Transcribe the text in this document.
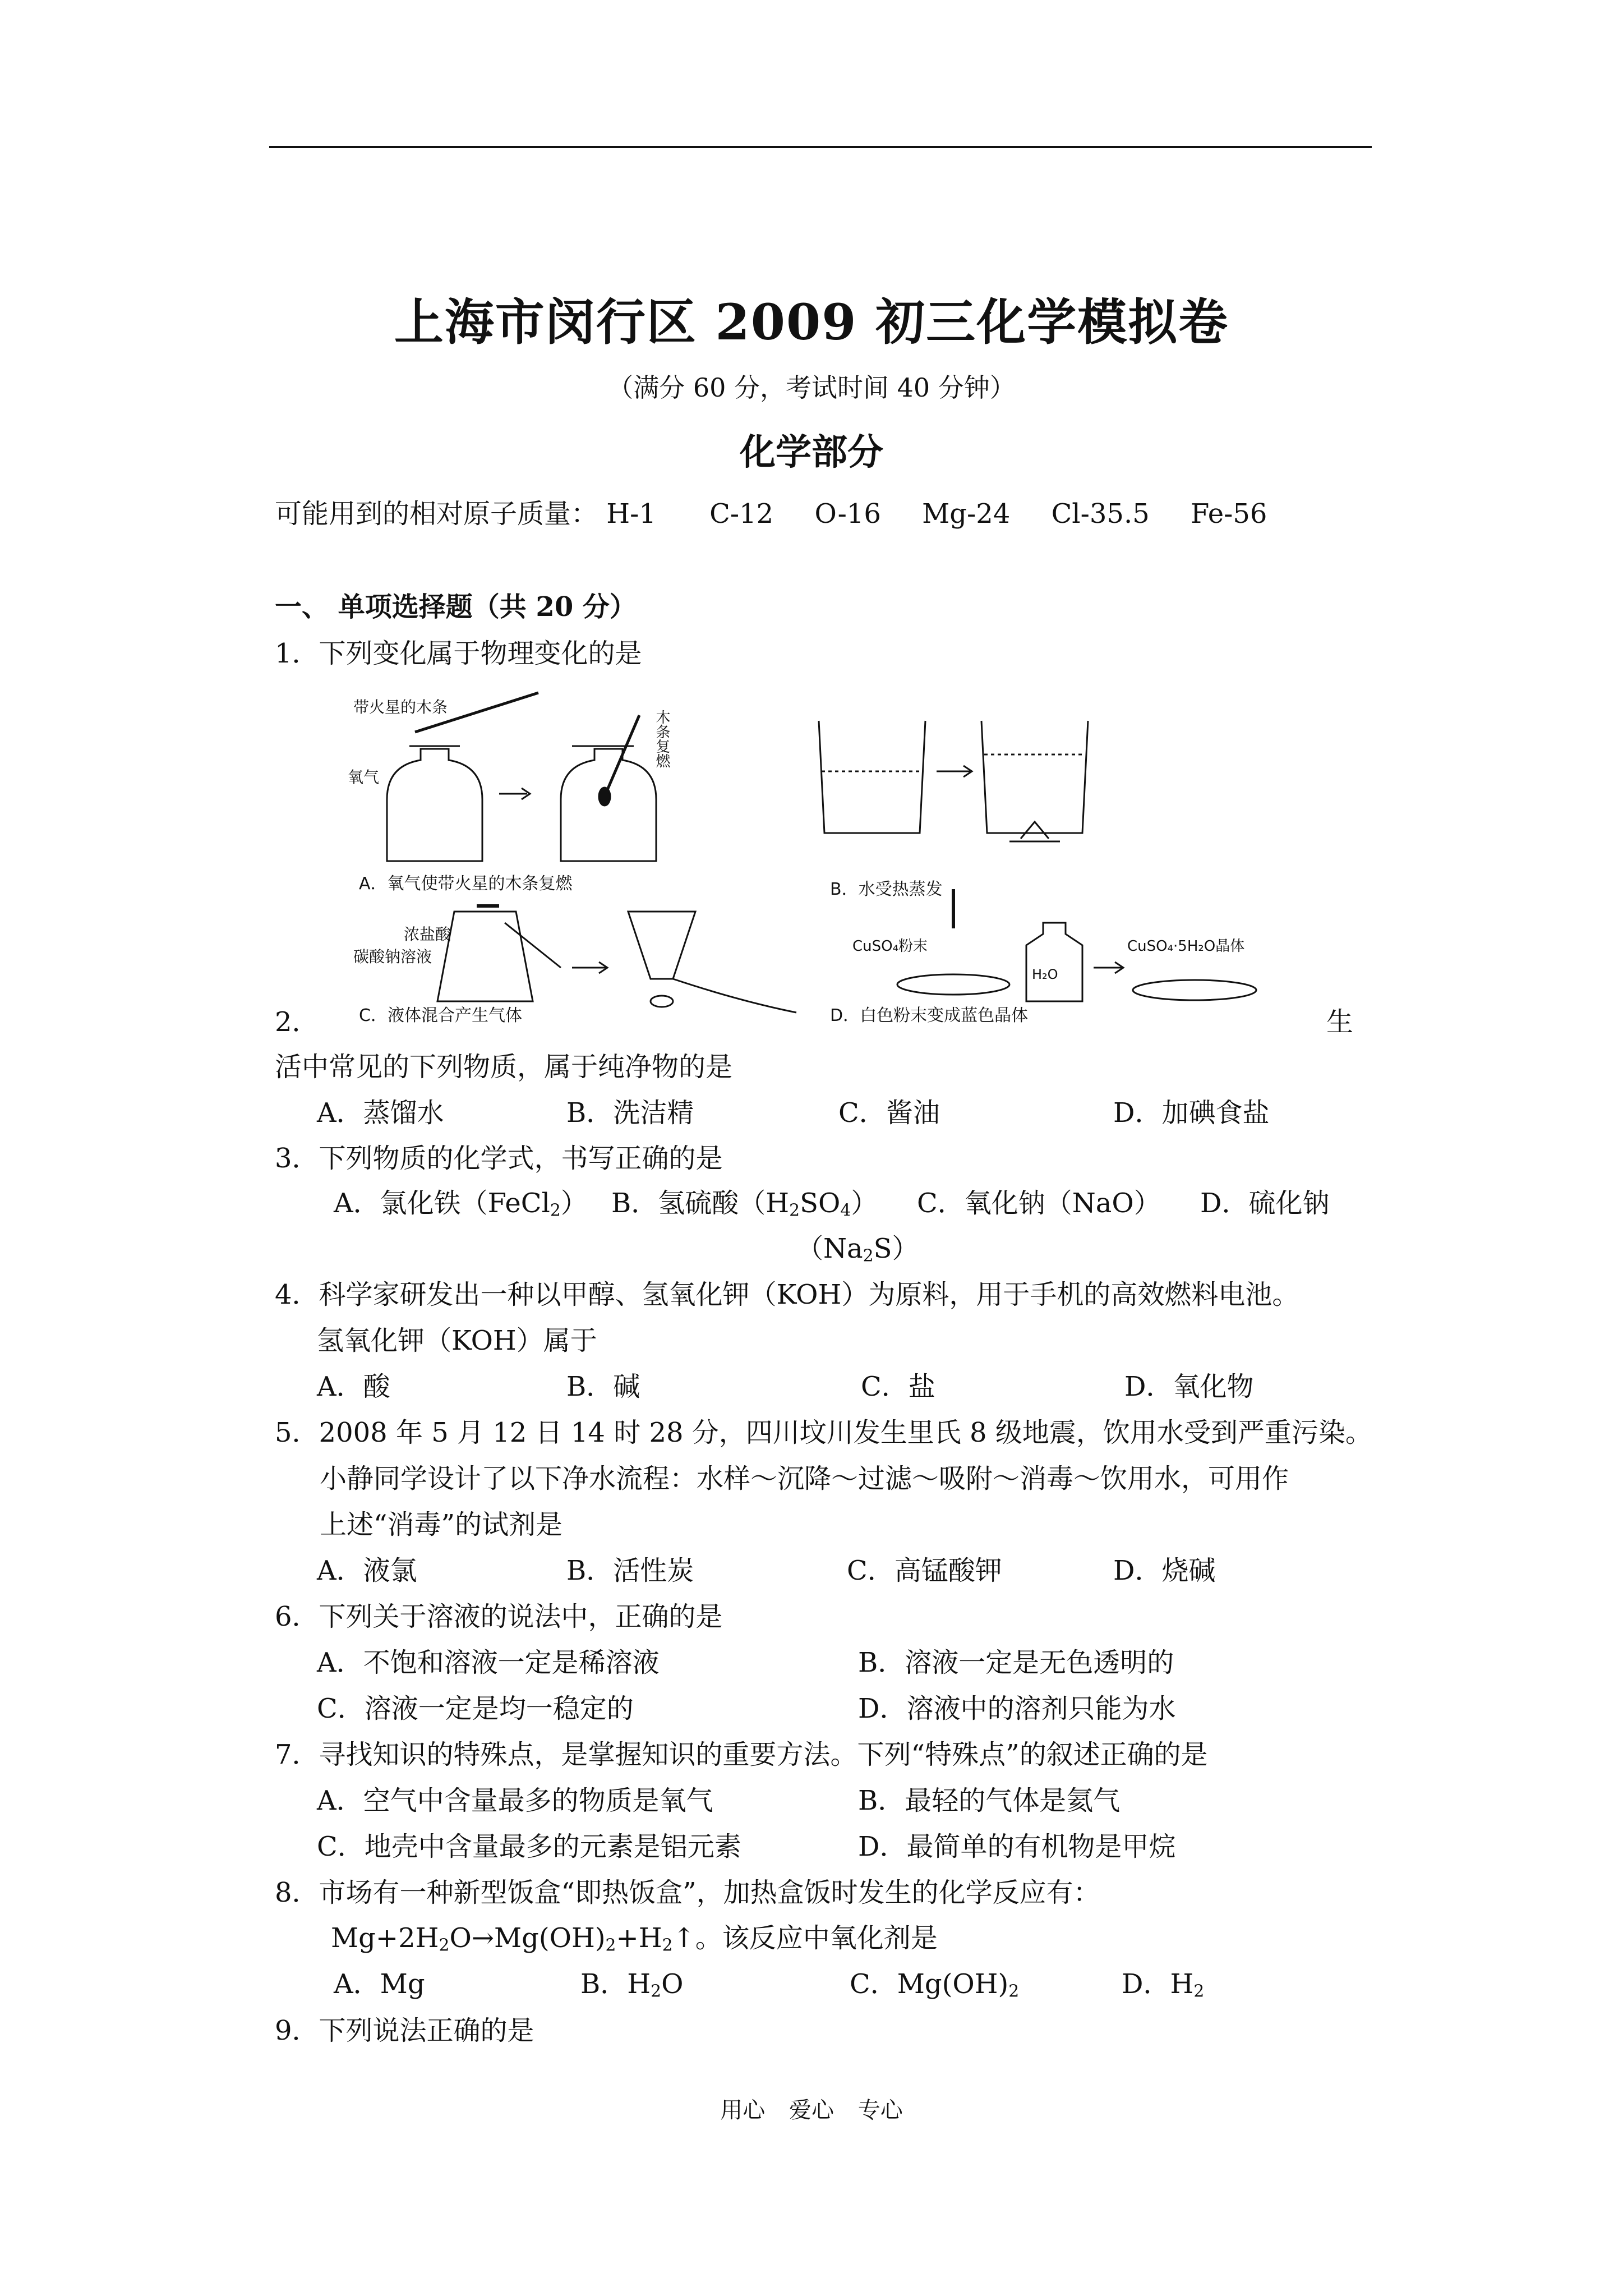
上海市闵行区 2009 初三化学模拟卷
（满分 60 分，考试时间 40 分钟）
化学部分
可能用到的相对原子质量： H-1 C-12 O-16 Mg-24 Cl-35.5 Fe-56
一、 单项选择题（共 20 分）
1．下列变化属于物理变化的是
带火星的木条
氧气
木条复燃
A．氧气使带火星的木条复燃	B．水受热蒸发
浓盐酸
碳酸钠溶液
C．液体混合产生气体
CuSO₄粉末
H₂O
CuSO₄·5H₂O晶体
D．白色粉末变成蓝色晶体
2．	生
活中常见的下列物质，属于纯净物的是
A．蒸馏水	B．洗洁精	C．酱油	D．加碘食盐
3．下列物质的化学式，书写正确的是
A．氯化铁（FeCl$_2$） B．氢硫酸$(H_2SO_4)$ C．氧化钠（NaO） D．硫化钠
$(Na_2S)$
4．科学家研发出一种以甲醇、氢氧化钾（KOH）为原料，用于手机的高效燃料电池。
氢氧化钾（KOH）属于
A．酸	B．碱	C．盐	D．氧化物
5．2008 年 5 月 12 日 14 时 28 分，四川坟川发生里氏 8 级地震，饮用水受到严重污染。
小静同学设计了以下净水流程：水样～沉降～过滤～吸附～消毒～饮用水，可用作
上述“消毒”的试剂是
A．液氯	B．活性炭	C．高锰酸钾	D．烧碱
6．下列关于溶液的说法中，正确的是
A．不饱和溶液一定是稀溶液	B．溶液一定是无色透明的
C．溶液一定是均一稳定的	D．溶液中的溶剂只能为水
7．寻找知识的特殊点，是掌握知识的重要方法。下列“特殊点”的叙述正确的是
A．空气中含量最多的物质是氧气	B．最轻的气体是氦气
C．地壳中含量最多的元素是铝元素	D．最简单的有机物是甲烷
8．市场有一种新型饭盒“即热饭盒”，加热盒饭时发生的化学反应有：
$Mg+2H_2O\to Mg(OH)_2+H_2↑$。该反应中氧化剂是
A．Mg	B．$H_2O$	C．$Mg(OH)_2$	D．$H_2$
9．下列说法正确的是
用心 爱心 专心
